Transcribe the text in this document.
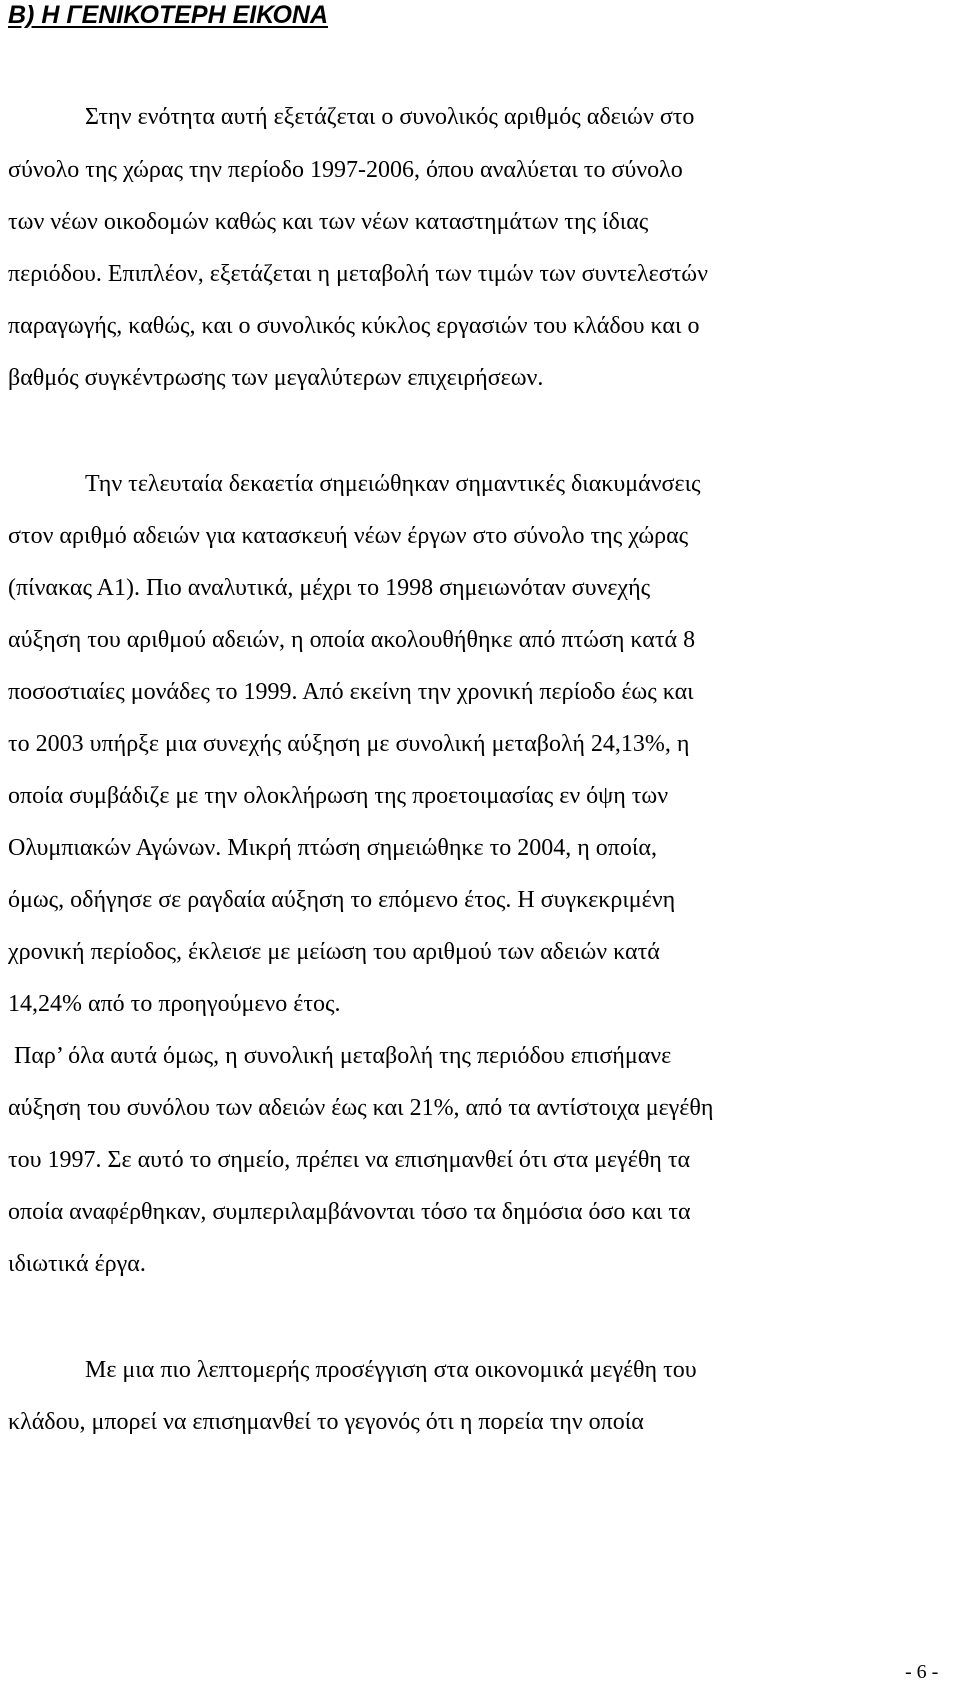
Β) Η ΓΕΝΙΚΟΤΕΡΗ ΕΙΚΟΝΑ

Στην ενότητα αυτή εξετάζεται ο συνολικός αριθμός αδειών στο

σύνολο της χώρας την περίοδο 1997-2006, όπου αναλύεται το σύνολο

των νέων οικοδομών καθώς και των νέων καταστημάτων της ίδιας

περιόδου. Επιπλέον, εξετάζεται η μεταβολή των τιμών των συντελεστών

παραγωγής, καθώς, και ο συνολικός κύκλος εργασιών του κλάδου και ο

βαθμός συγκέντρωσης των μεγαλύτερων επιχειρήσεων.

Την τελευταία δεκαετία σημειώθηκαν σημαντικές διακυμάνσεις

στον αριθμό αδειών για κατασκευή νέων έργων στο σύνολο της χώρας

(πίνακας Α1). Πιο αναλυτικά, μέχρι το 1998 σημειωνόταν συνεχής

αύξηση του αριθμού αδειών, η οποία ακολουθήθηκε από πτώση κατά 8

ποσοστιαίες μονάδες το 1999. Από εκείνη την χρονική περίοδο έως και

το 2003 υπήρξε μια συνεχής αύξηση με συνολική μεταβολή 24,13%, η

οποία συμβάδιζε με την ολοκλήρωση της προετοιμασίας εν όψη των

Ολυμπιακών Αγώνων. Μικρή πτώση σημειώθηκε το 2004, η οποία,

όμως, οδήγησε σε ραγδαία αύξηση το επόμενο έτος. Η συγκεκριμένη

χρονική περίοδος, έκλεισε με μείωση του αριθμού των αδειών κατά

14,24% από το προηγούμενο έτος.

Παρ’ όλα αυτά όμως, η συνολική μεταβολή της περιόδου επισήμανε

αύξηση του συνόλου των αδειών έως και 21%, από τα αντίστοιχα μεγέθη

του 1997. Σε αυτό το σημείο, πρέπει να επισημανθεί ότι στα μεγέθη τα

οποία αναφέρθηκαν, συμπεριλαμβάνονται τόσο τα δημόσια όσο και τα

ιδιωτικά έργα.

Με μια πιο λεπτομερής προσέγγιση στα οικονομικά μεγέθη του

κλάδου, μπορεί να επισημανθεί το γεγονός ότι η πορεία την οποία

- 6 -
